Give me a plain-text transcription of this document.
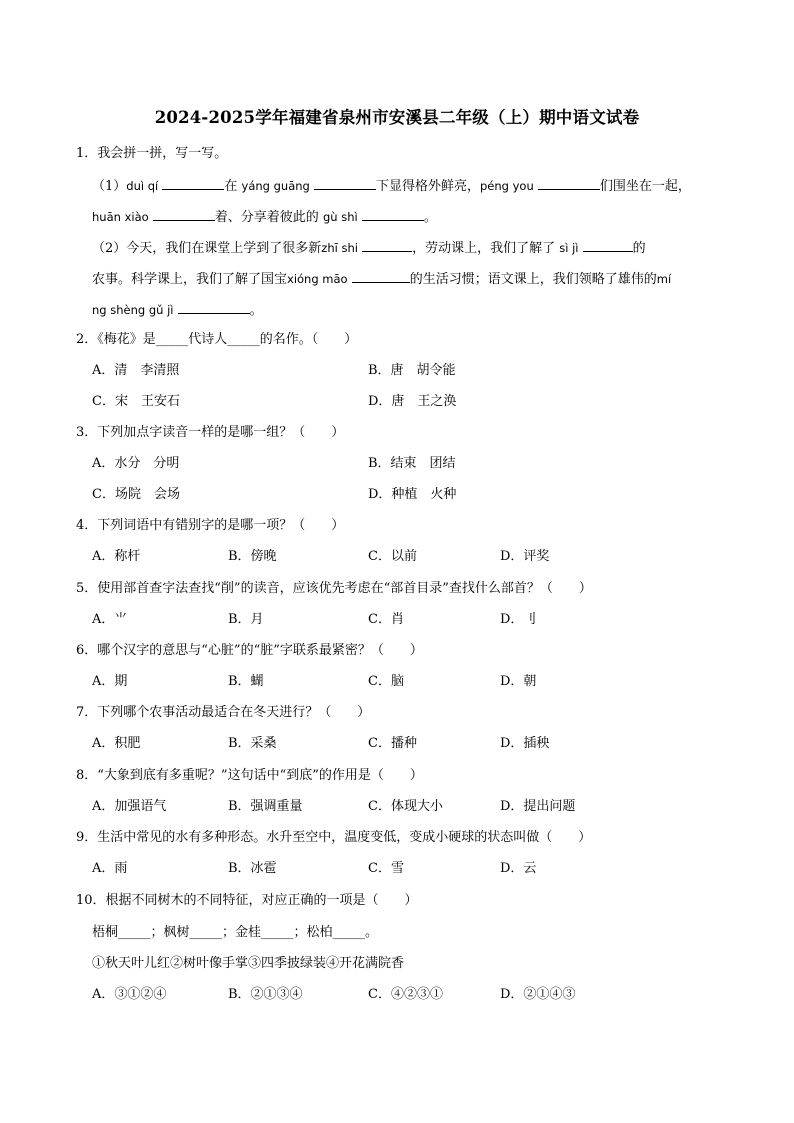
2024-2025学年福建省泉州市安溪县二年级（上）期中语文试卷
1．我会拼一拼，写一写。
（1）duì qí	在 yáng guāng	下显得格外鲜亮，péng you	们围坐在一起，
huān xiào	着、分享着彼此的 gù shì	。
（2）今天，我们在课堂上学到了很多新zhī shi	，劳动课上，我们了解了 sì jì	的
农事。科学课上，我们了解了国宝xióng māo	的生活习惯；语文课上，我们领略了雄伟的mí
ng shèng gǔ jì	。
2．《梅花》是_____代诗人_____的名作。（　　）
A．清　李清照	B．唐　胡令能
C．宋　王安石	D．唐　王之涣
3．下列加点字读音一样的是哪一组？（　　）
A．水分　分明	B．结束　团结
C．场院　会场	D．种植　火种
4．下列词语中有错别字的是哪一项？（　　）
A．称杆	B．傍晚	C．以前	D．评奖
5．使用部首查字法查找“削”的读音，应该优先考虑在“部首目录”查找什么部首？（　　）
A．⺌	B．月	C．肖	D．刂
6．哪个汉字的意思与“心脏”的“脏”字联系最紧密？（　　）
A．期	B．蝴	C．脑	D．朝
7．下列哪个农事活动最适合在冬天进行？（　　）
A．积肥	B．采桑	C．播种	D．插秧
8．“大象到底有多重呢？”这句话中“到底”的作用是（　　）
A．加强语气	B．强调重量	C．体现大小	D．提出问题
9．生活中常见的水有多种形态。水升至空中，温度变低，变成小硬球的状态叫做（　　）
A．雨	B．冰雹	C．雪	D．云
10．根据不同树木的不同特征，对应正确的一项是（　　）
梧桐_____；枫树_____；金桂_____；松柏_____。
①秋天叶儿红②树叶像手掌③四季披绿装④开花满院香
A．③①②④	B．②①③④	C．④②③①	D．②①④③
